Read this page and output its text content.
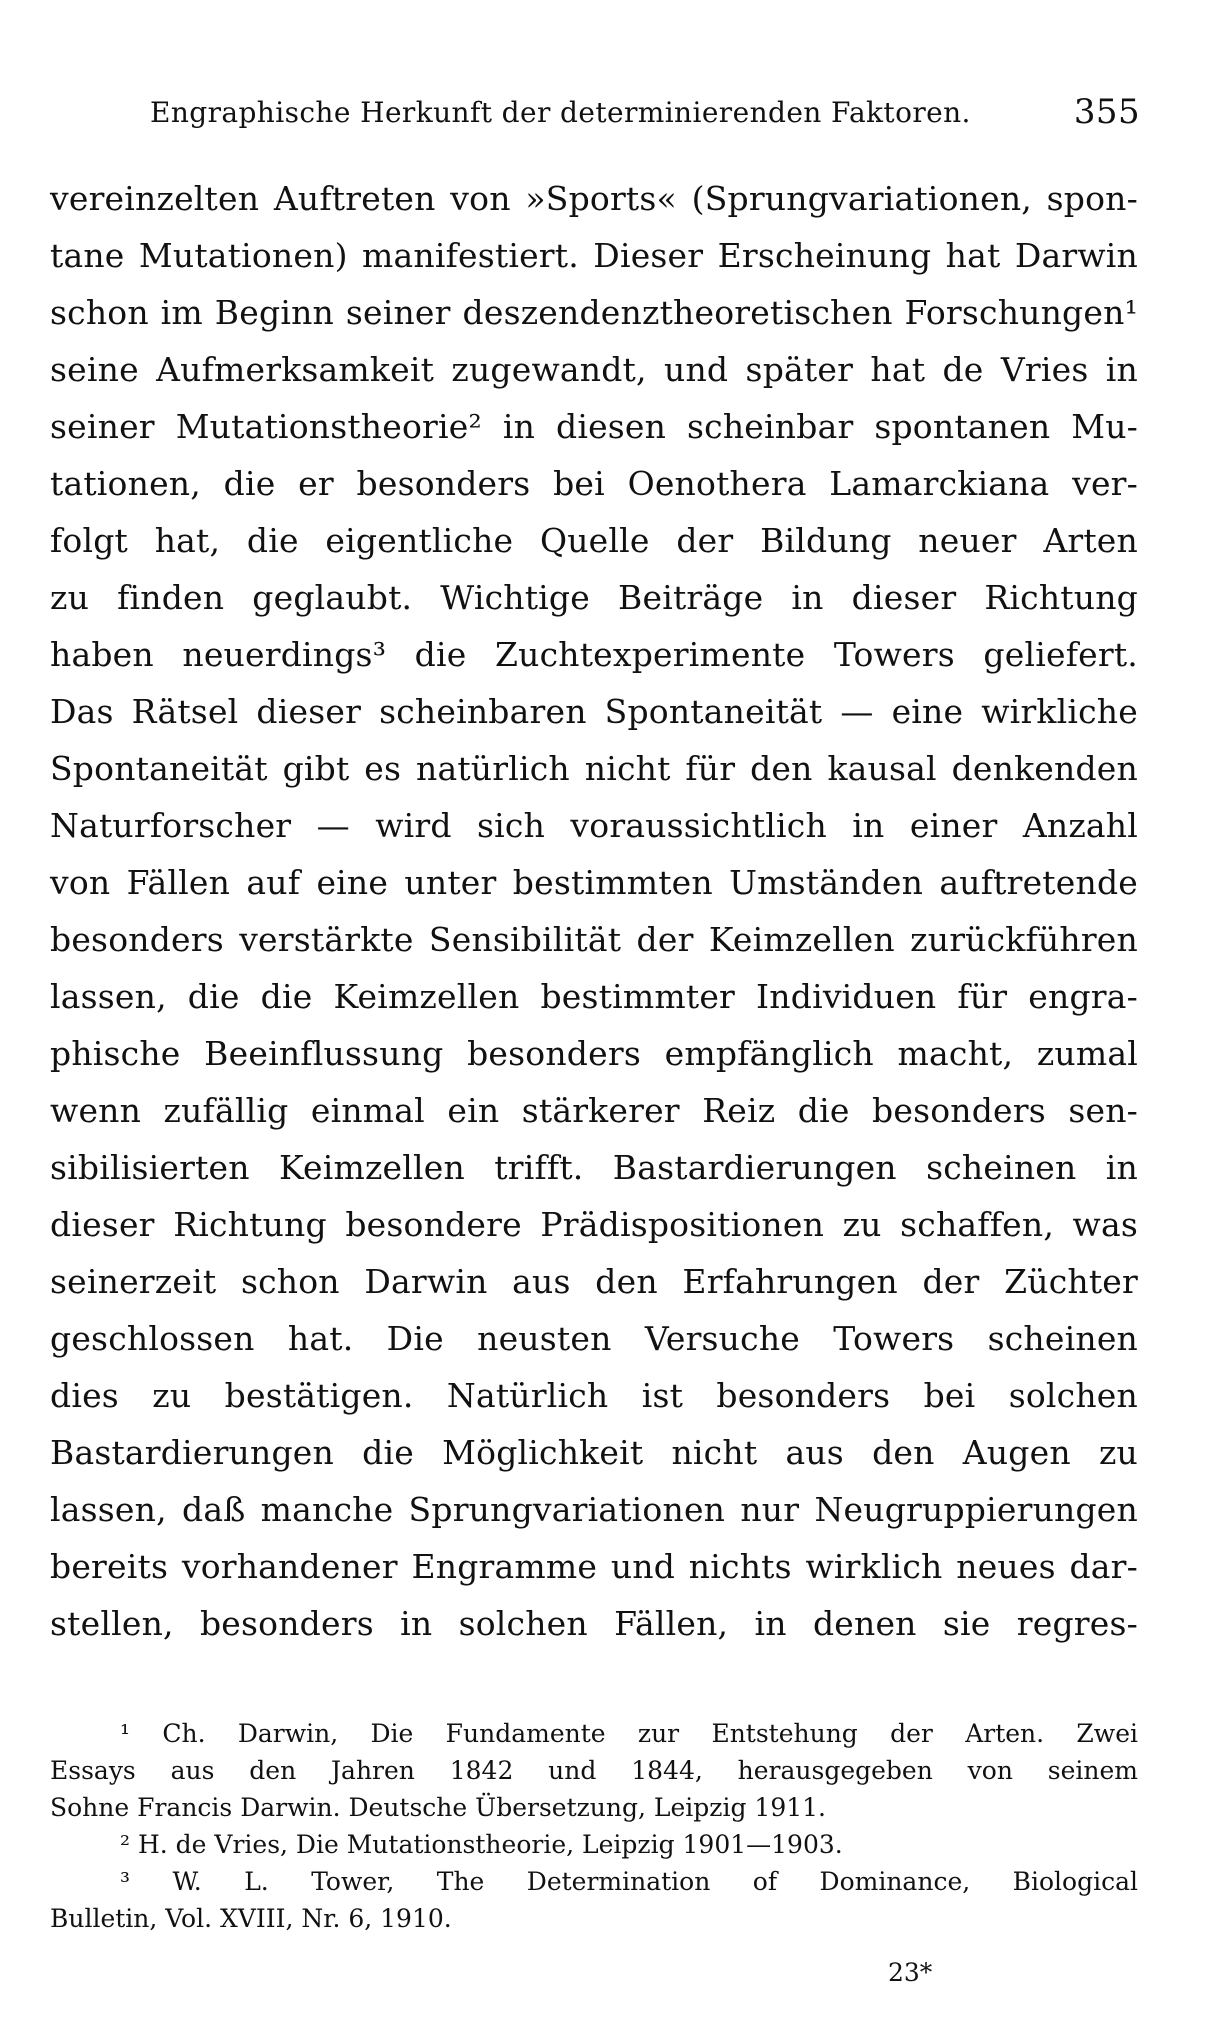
Engraphische Herkunft der determinierenden Faktoren.	355
vereinzelten Auftreten von »Sports« (Sprungvariationen, spon-
tane Mutationen) manifestiert. Dieser Erscheinung hat Darwin
schon im Beginn seiner deszendenztheoretischen Forschungen¹
seine Aufmerksamkeit zugewandt, und später hat de Vries in
seiner Mutationstheorie² in diesen scheinbar spontanen Mu-
tationen, die er besonders bei Oenothera Lamarckiana ver-
folgt hat, die eigentliche Quelle der Bildung neuer Arten
zu finden geglaubt. Wichtige Beiträge in dieser Richtung
haben neuerdings³ die Zuchtexperimente Towers geliefert.
Das Rätsel dieser scheinbaren Spontaneität — eine wirkliche
Spontaneität gibt es natürlich nicht für den kausal denkenden
Naturforscher — wird sich voraussichtlich in einer Anzahl
von Fällen auf eine unter bestimmten Umständen auftretende
besonders verstärkte Sensibilität der Keimzellen zurückführen
lassen, die die Keimzellen bestimmter Individuen für engra-
phische Beeinflussung besonders empfänglich macht, zumal
wenn zufällig einmal ein stärkerer Reiz die besonders sen-
sibilisierten Keimzellen trifft. Bastardierungen scheinen in
dieser Richtung besondere Prädispositionen zu schaffen, was
seinerzeit schon Darwin aus den Erfahrungen der Züchter
geschlossen hat. Die neusten Versuche Towers scheinen
dies zu bestätigen. Natürlich ist besonders bei solchen
Bastardierungen die Möglichkeit nicht aus den Augen zu
lassen, daß manche Sprungvariationen nur Neugruppierungen
bereits vorhandener Engramme und nichts wirklich neues dar-
stellen, besonders in solchen Fällen, in denen sie regres-
¹ Ch. Darwin, Die Fundamente zur Entstehung der Arten. Zwei
Essays aus den Jahren 1842 und 1844, herausgegeben von seinem
Sohne Francis Darwin. Deutsche Übersetzung, Leipzig 1911.
² H. de Vries, Die Mutationstheorie, Leipzig 1901—1903.
³ W. L. Tower, The Determination of Dominance, Biological
Bulletin, Vol. XVIII, Nr. 6, 1910.
23*
